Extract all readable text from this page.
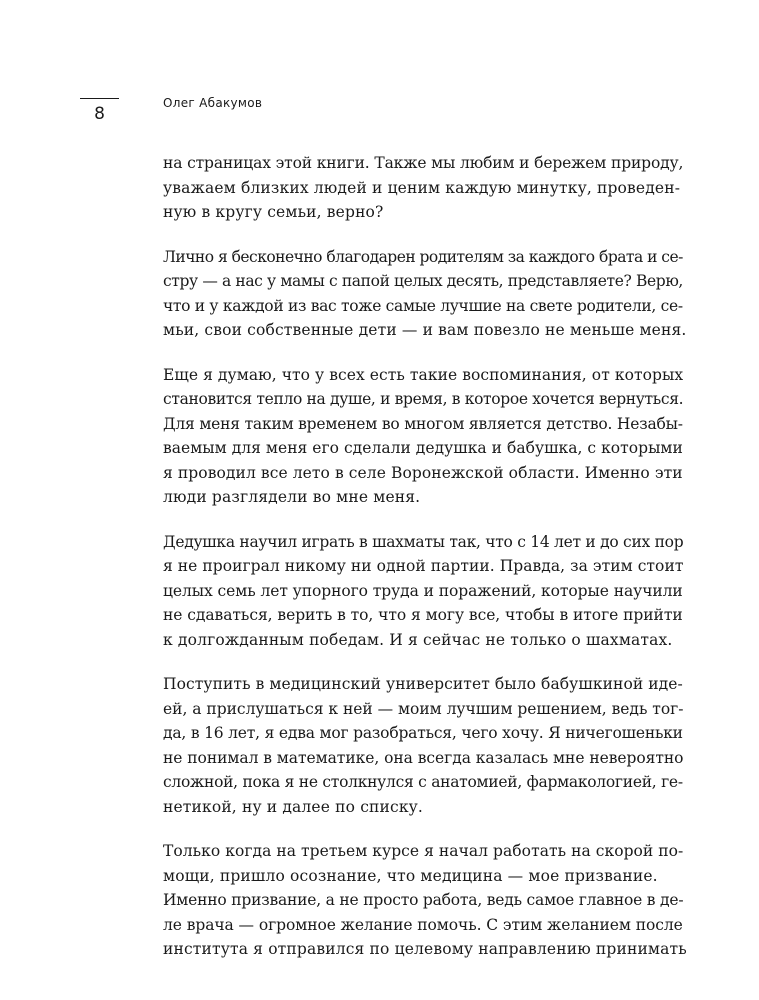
8
Олег Абакумов

на страницах этой книги. Также мы любим и бережем природу,
уважаем близких людей и ценим каждую минутку, проведен-
ную в кругу семьи, верно?

Лично я бесконечно благодарен родителям за каждого брата и се-
стру — а нас у мамы с папой целых десять, представляете? Верю,
что и у каждой из вас тоже самые лучшие на свете родители, се-
мьи, свои собственные дети — и вам повезло не меньше меня.

Еще я думаю, что у всех есть такие воспоминания, от которых
становится тепло на душе, и время, в которое хочется вернуться.
Для меня таким временем во многом является детство. Незабы-
ваемым для меня его сделали дедушка и бабушка, с которыми
я проводил все лето в селе Воронежской области. Именно эти
люди разглядели во мне меня.

Дедушка научил играть в шахматы так, что с 14 лет и до сих пор
я не проиграл никому ни одной партии. Правда, за этим стоит
целых семь лет упорного труда и поражений, которые научили
не сдаваться, верить в то, что я могу все, чтобы в итоге прийти
к долгожданным победам. И я сейчас не только о шахматах.

Поступить в медицинский университет было бабушкиной иде-
ей, а прислушаться к ней — моим лучшим решением, ведь тог-
да, в 16 лет, я едва мог разобраться, чего хочу. Я ничегошеньки
не понимал в математике, она всегда казалась мне невероятно
сложной, пока я не столкнулся с анатомией, фармакологией, ге-
нетикой, ну и далее по списку.

Только когда на третьем курсе я начал работать на скорой по-
мощи, пришло осознание, что медицина — мое призвание.
Именно призвание, а не просто работа, ведь самое главное в де-
ле врача — огромное желание помочь. С этим желанием после
института я отправился по целевому направлению принимать
